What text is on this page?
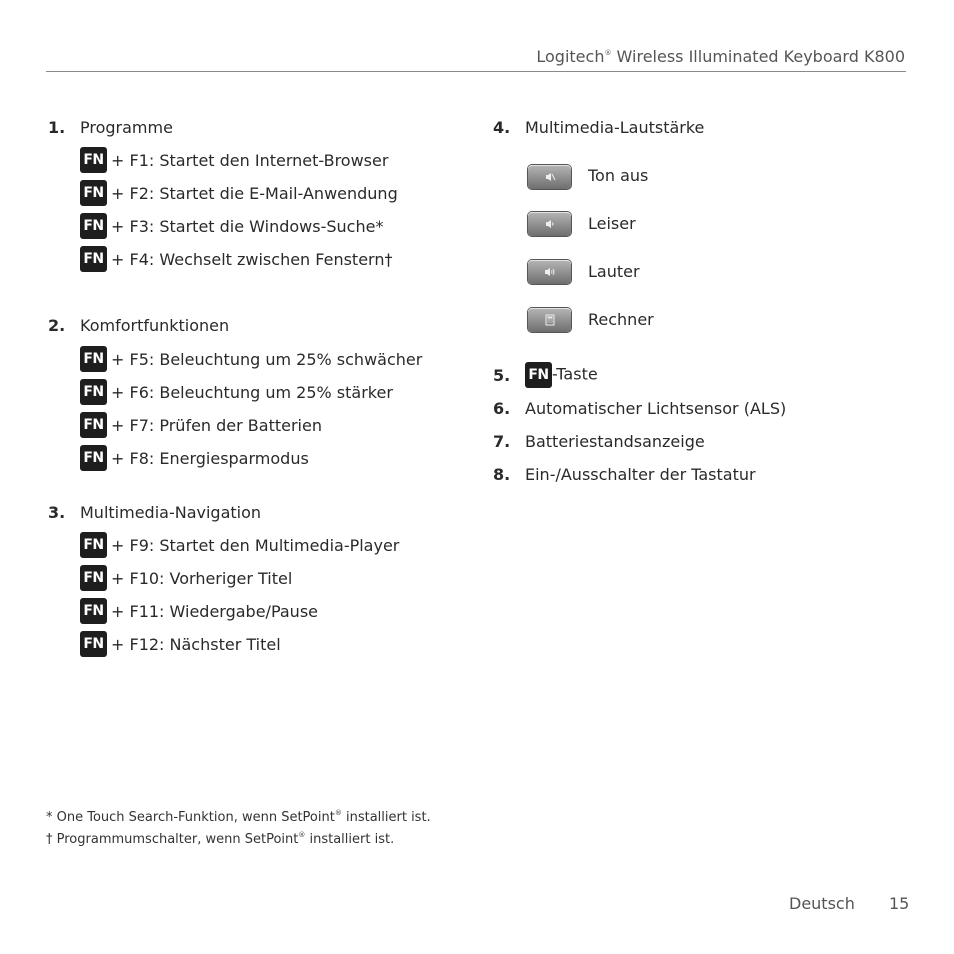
Logitech® Wireless Illuminated Keyboard K800
1. Programme
FN + F1: Startet den Internet-Browser
FN + F2: Startet die E-Mail-Anwendung
FN + F3: Startet die Windows-Suche*
FN + F4: Wechselt zwischen Fenstern†
2. Komfortfunktionen
FN + F5: Beleuchtung um 25% schwächer
FN + F6: Beleuchtung um 25% stärker
FN + F7: Prüfen der Batterien
FN + F8: Energiesparmodus
3. Multimedia-Navigation
FN + F9: Startet den Multimedia-Player
FN + F10: Vorheriger Titel
FN + F11: Wiedergabe/Pause
FN + F12: Nächster Titel
4. Multimedia-Lautstärke
Ton aus
Leiser
Lauter
Rechner
5. FN -Taste
6. Automatischer Lichtsensor (ALS)
7. Batteriestandsanzeige
8. Ein-/Ausschalter der Tastatur
* One Touch Search-Funktion, wenn SetPoint® installiert ist.
† Programmumschalter, wenn SetPoint® installiert ist.
Deutsch 15
